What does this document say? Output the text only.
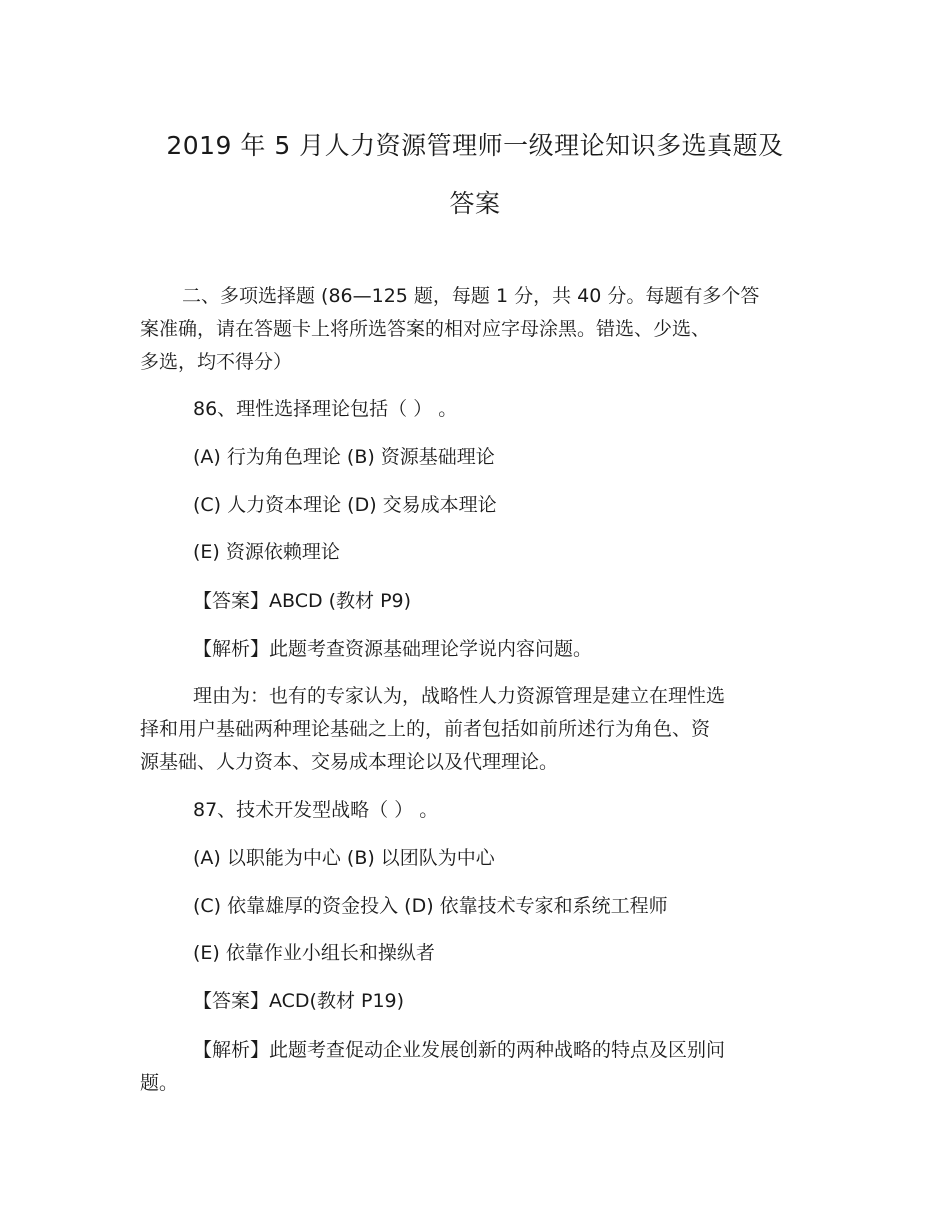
2019 年 5 月人力资源管理师一级理论知识多选真题及
答案
二、多项选择题 (86—125 题，每题 1 分，共 40 分。每题有多个答
案准确，请在答题卡上将所选答案的相对应字母涂黑。错选、少选、
多选，均不得分）
86、理性选择理论包括（ ） 。
(A) 行为角色理论 (B) 资源基础理论
(C) 人力资本理论 (D) 交易成本理论
(E) 资源依赖理论
【答案】ABCD (教材 P9)
【解析】此题考查资源基础理论学说内容问题。
理由为：也有的专家认为，战略性人力资源管理是建立在理性选
择和用户基础两种理论基础之上的，前者包括如前所述行为角色、资
源基础、人力资本、交易成本理论以及代理理论。
87、技术开发型战略（ ） 。
(A) 以职能为中心 (B) 以团队为中心
(C) 依靠雄厚的资金投入 (D) 依靠技术专家和系统工程师
(E) 依靠作业小组长和操纵者
【答案】ACD(教材 P19)
【解析】此题考查促动企业发展创新的两种战略的特点及区别问
题。
